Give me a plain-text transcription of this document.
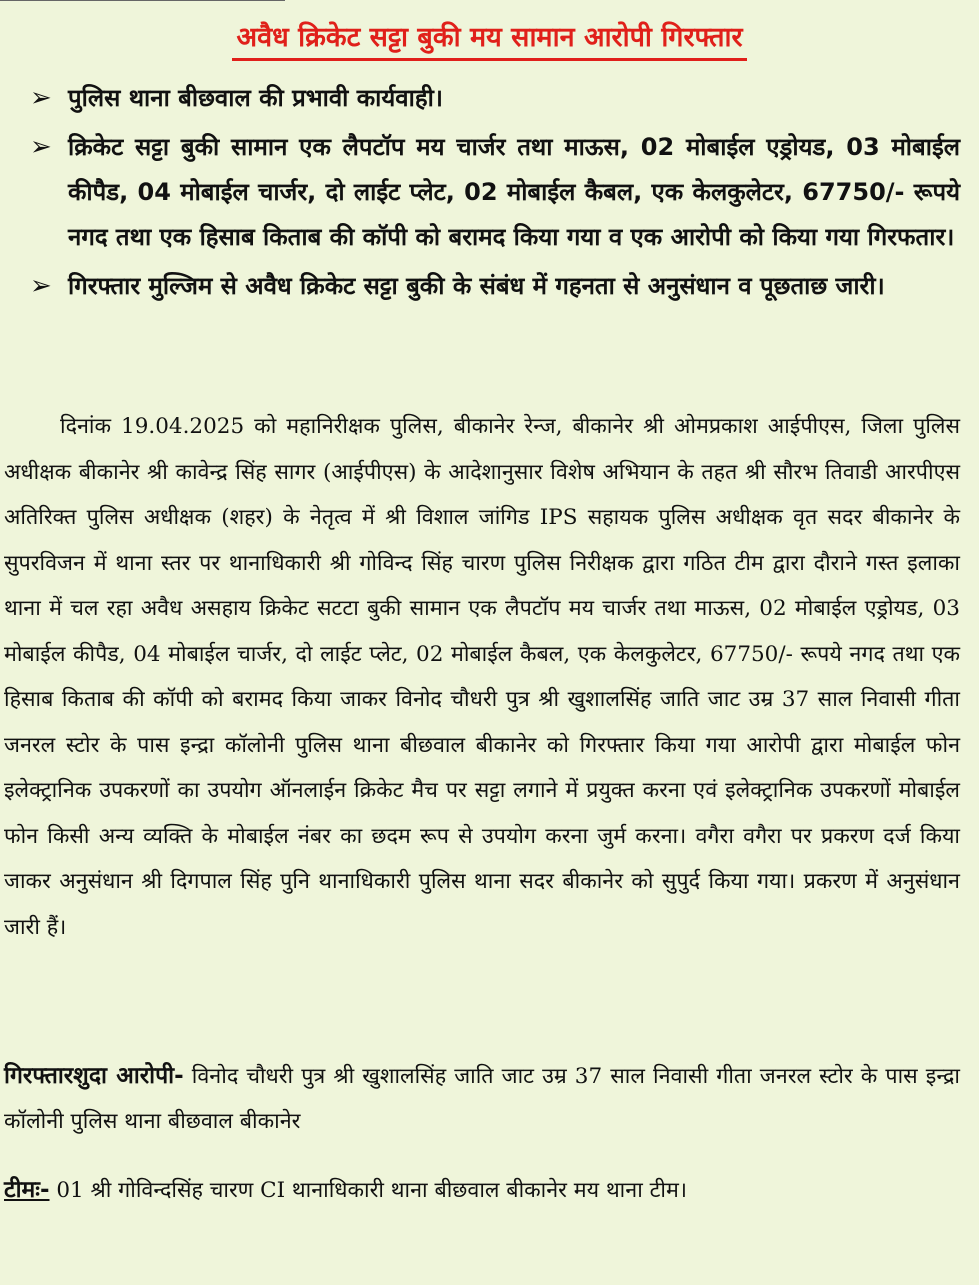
अवैध क्रिकेट सट्टा बुकी मय सामान आरोपी गिरफ्तार
➢ पुलिस थाना बीछवाल की प्रभावी कार्यवाही।
➢ क्रिकेट सट्टा बुकी सामान एक लैपटॉप मय चार्जर तथा माऊस, 02 मोबाईल एड्रोयड, 03 मोबाईल कीपैड, 04 मोबाईल चार्जर, दो लाईट प्लेट, 02 मोबाईल कैबल, एक केलकुलेटर, 67750/- रूपये नगद तथा एक हिसाब किताब की कॉपी को बरामद किया गया व एक आरोपी को किया गया गिरफतार।
➢ गिरफ्तार मुल्जिम से अवैध क्रिकेट सट्टा बुकी के संबंध में गहनता से अनुसंधान व पूछताछ जारी।

दिनांक 19.04.2025 को महानिरीक्षक पुलिस, बीकानेर रेन्ज, बीकानेर श्री ओमप्रकाश आईपीएस, जिला पुलिस अधीक्षक बीकानेर श्री कावेन्द्र सिंह सागर (आईपीएस) के आदेशानुसार विशेष अभियान के तहत श्री सौरभ तिवाडी आरपीएस अतिरिक्त पुलिस अधीक्षक (शहर) के नेतृत्व में श्री विशाल जांगिड IPS सहायक पुलिस अधीक्षक वृत सदर बीकानेर के सुपरविजन में थाना स्तर पर थानाधिकारी श्री गोविन्द सिंह चारण पुलिस निरीक्षक द्वारा गठित टीम द्वारा दौराने गस्त इलाका थाना में चल रहा अवैध असहाय क्रिकेट सटटा बुकी सामान एक लैपटॉप मय चार्जर तथा माऊस, 02 मोबाईल एड्रोयड, 03 मोबाईल कीपैड, 04 मोबाईल चार्जर, दो लाईट प्लेट, 02 मोबाईल कैबल, एक केलकुलेटर, 67750/- रूपये नगद तथा एक हिसाब किताब की कॉपी को बरामद किया जाकर विनोद चौधरी पुत्र श्री खुशालसिंह जाति जाट उम्र 37 साल निवासी गीता जनरल स्टोर के पास इन्द्रा कॉलोनी पुलिस थाना बीछवाल बीकानेर को गिरफ्तार किया गया आरोपी द्वारा मोबाईल फोन इलेक्ट्रानिक उपकरणों का उपयोग ऑनलाईन क्रिकेट मैच पर सट्टा लगाने में प्रयुक्त करना एवं इलेक्ट्रानिक उपकरणों मोबाईल फोन किसी अन्य व्यक्ति के मोबाईल नंबर का छदम रूप से उपयोग करना जुर्म करना। वगैरा वगैरा पर प्रकरण दर्ज किया जाकर अनुसंधान श्री दिगपाल सिंह पुनि थानाधिकारी पुलिस थाना सदर बीकानेर को सुपुर्द किया गया। प्रकरण में अनुसंधान जारी हैं।

गिरफ्तारशुदा आरोपी- विनोद चौधरी पुत्र श्री खुशालसिंह जाति जाट उम्र 37 साल निवासी गीता जनरल स्टोर के पास इन्द्रा कॉलोनी पुलिस थाना बीछवाल बीकानेर

टीमः- 01 श्री गोविन्दसिंह चारण CI थानाधिकारी थाना बीछवाल बीकानेर मय थाना टीम।
